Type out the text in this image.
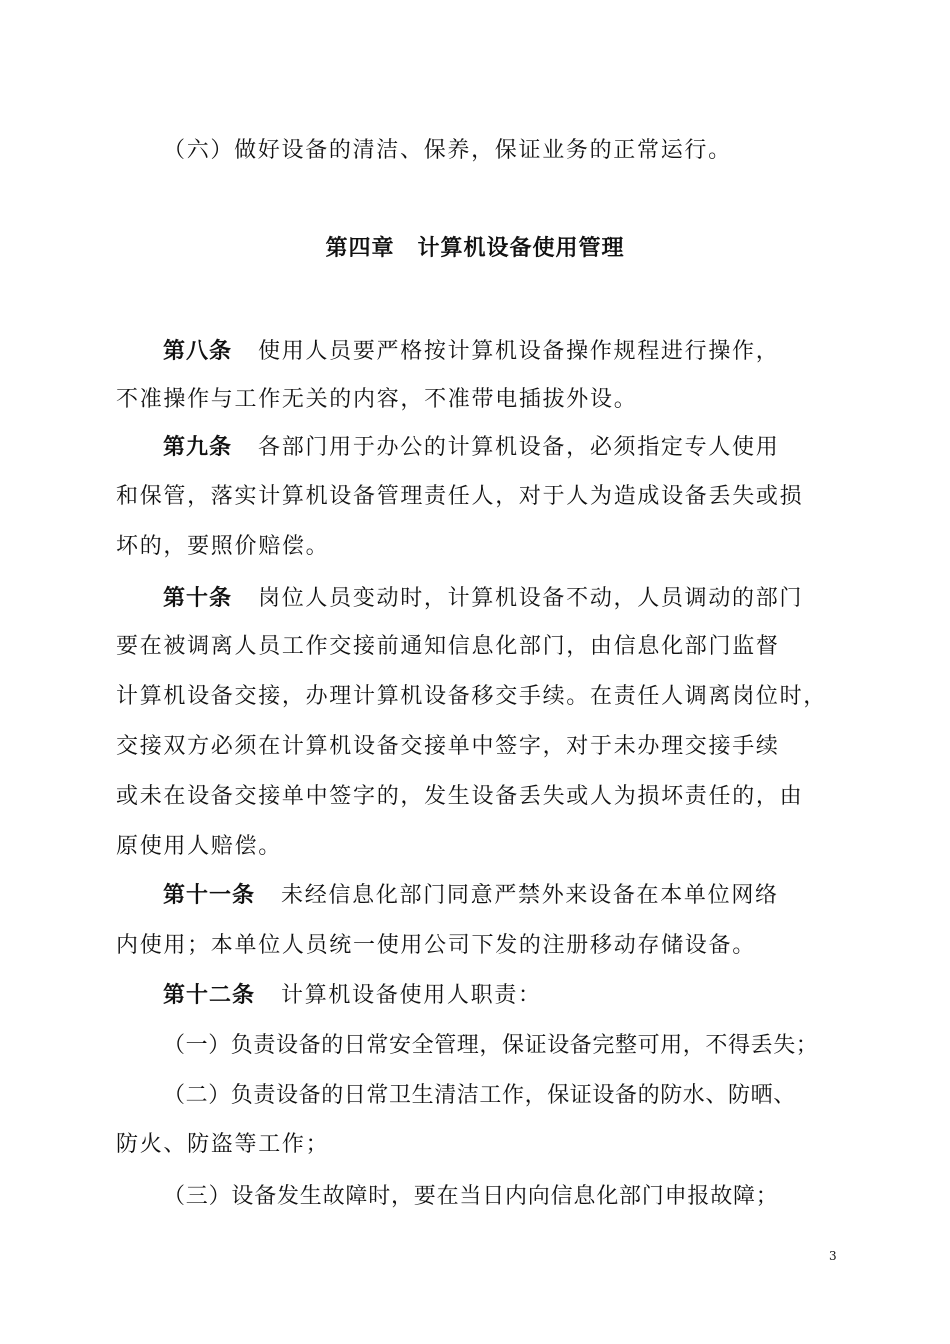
（六）做好设备的清洁、保养，保证业务的正常运行。
第四章　计算机设备使用管理
第八条 使用人员要严格按计算机设备操作规程进行操作，
不准操作与工作无关的内容，不准带电插拔外设。
第九条 各部门用于办公的计算机设备，必须指定专人使用
和保管，落实计算机设备管理责任人，对于人为造成设备丢失或损
坏的，要照价赔偿。
第十条 岗位人员变动时，计算机设备不动，人员调动的部门
要在被调离人员工作交接前通知信息化部门，由信息化部门监督
计算机设备交接，办理计算机设备移交手续。在责任人调离岗位时，
交接双方必须在计算机设备交接单中签字，对于未办理交接手续
或未在设备交接单中签字的，发生设备丢失或人为损坏责任的，由
原使用人赔偿。
第十一条 未经信息化部门同意严禁外来设备在本单位网络
内使用；本单位人员统一使用公司下发的注册移动存储设备。
第十二条 计算机设备使用人职责：
（一）负责设备的日常安全管理，保证设备完整可用，不得丢失；
（二）负责设备的日常卫生清洁工作，保证设备的防水、防晒、
防火、防盗等工作；
（三）设备发生故障时，要在当日内向信息化部门申报故障；
3
